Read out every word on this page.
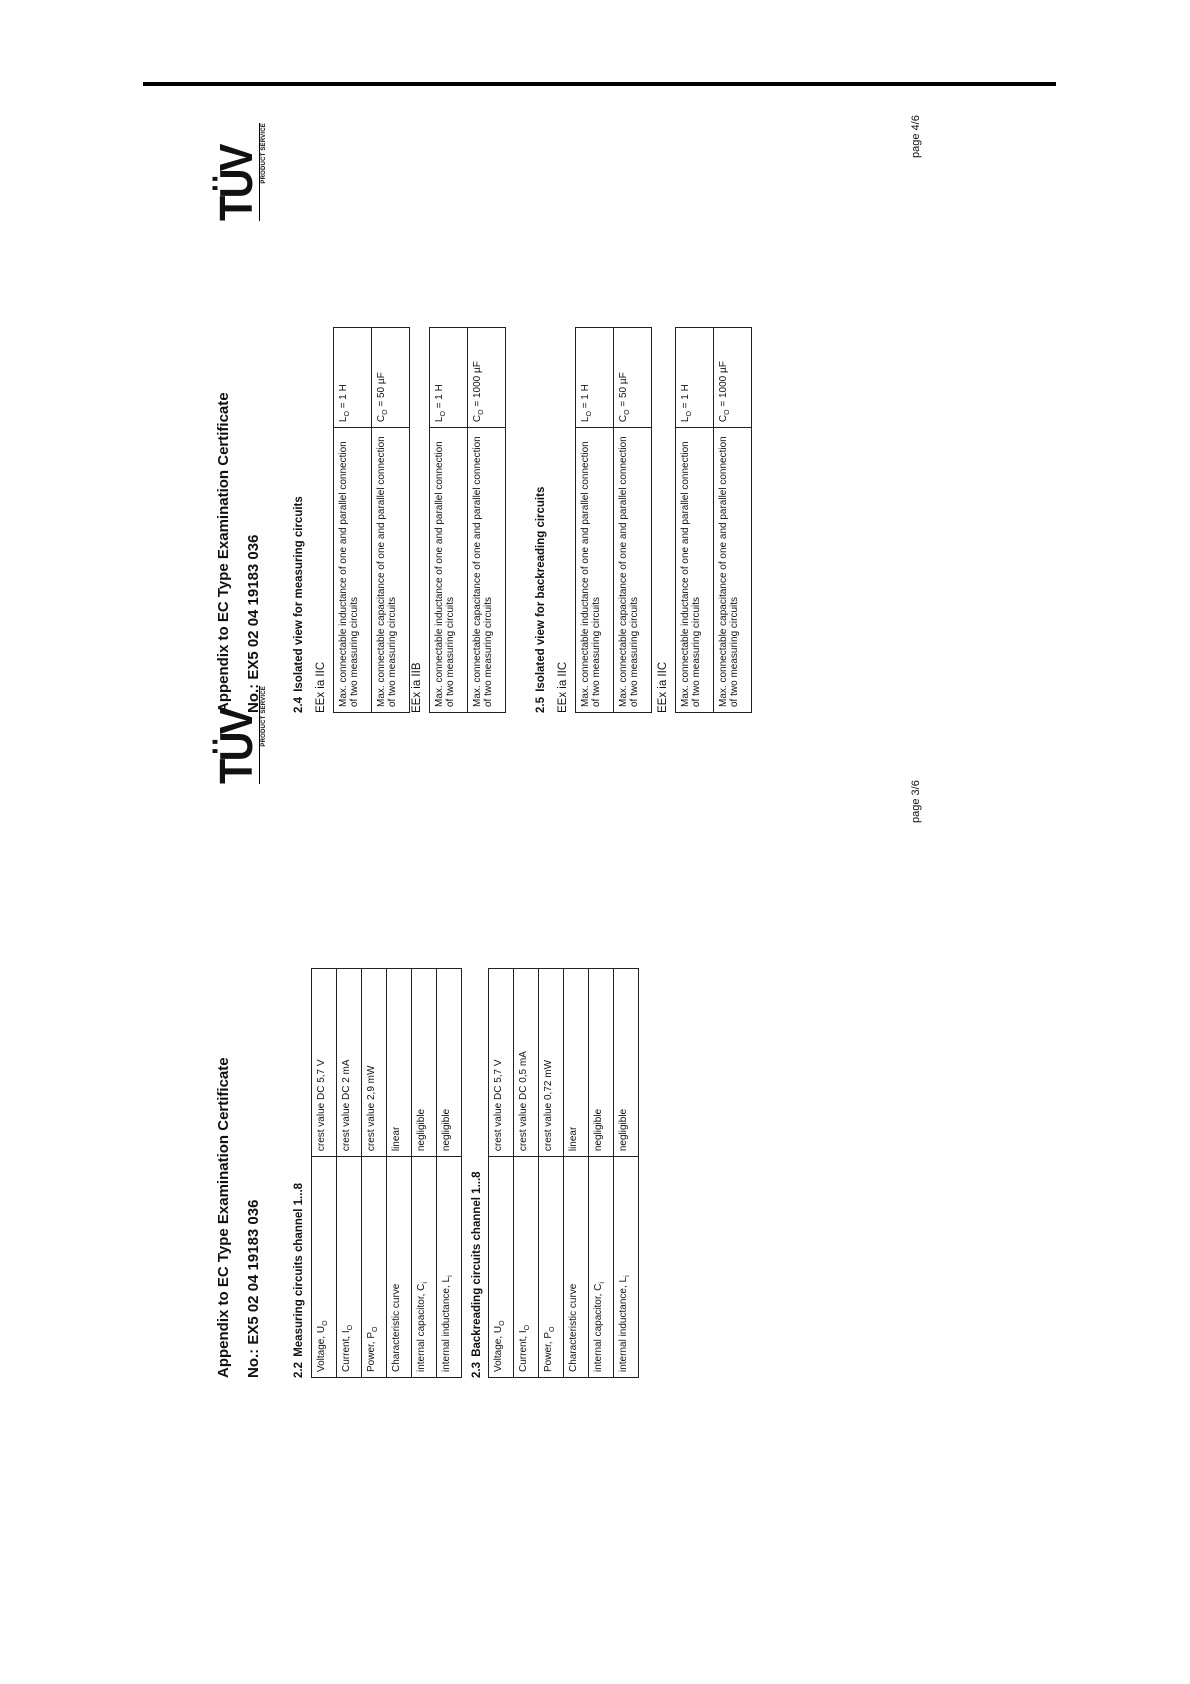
Appendix to EC Type Examination Certificate No.: EX5 02 04 19183 036
TÜV PRODUCT SERVICE
2.2 Measuring circuits channel 1...8 Voltage, $U_O$	crest value DC 5,7 V
Current, $I_O$	crest value DC 2 mA
Power, $P_O$	crest value 2,9 mW
Characteristic curve	linear
internal capacitor, $C_i$	negligible
internal inductance, $L_i$	negligible
2.3 Backreading circuits channel 1...8 Voltage, $U_O$	crest value DC 5,7 V
Current, $I_O$	crest value DC 0,5 mA
Power, $P_O$	crest value 0,72 mW
Characteristic curve	linear
internal capacitor, $C_i$	negligible
internal inductance, $L_i$	negligible
page 3/6
Appendix to EC Type Examination Certificate No.: EX5 02 04 19183 036
TÜV PRODUCT SERVICE
2.4 Isolated view for measuring circuits EEx ia IIC Max. connectable inductance of one and parallel connection of two measuring circuits	$L_O = 1$ H
Max. connectable capacitance of one and parallel connection of two measuring circuits	$C_O = 50$ µF
EEx ia IIB Max. connectable inductance of one and parallel connection of two measuring circuits	$L_O = 1$ H
Max. connectable capacitance of one and parallel connection of two measuring circuits	$C_O = 1000$ µF
2.5 Isolated view for backreading circuits EEx ia IIC Max. connectable inductance of one and parallel connection of two measuring circuits	$L_O = 1$ H
Max. connectable capacitance of one and parallel connection of two measuring circuits	$C_O = 50$ µF
EEx ia IIC Max. connectable inductance of one and parallel connection of two measuring circuits	$L_O = 1$ H
Max. connectable capacitance of one and parallel connection of two measuring circuits	$C_O = 1000$ µF
page 4/6
